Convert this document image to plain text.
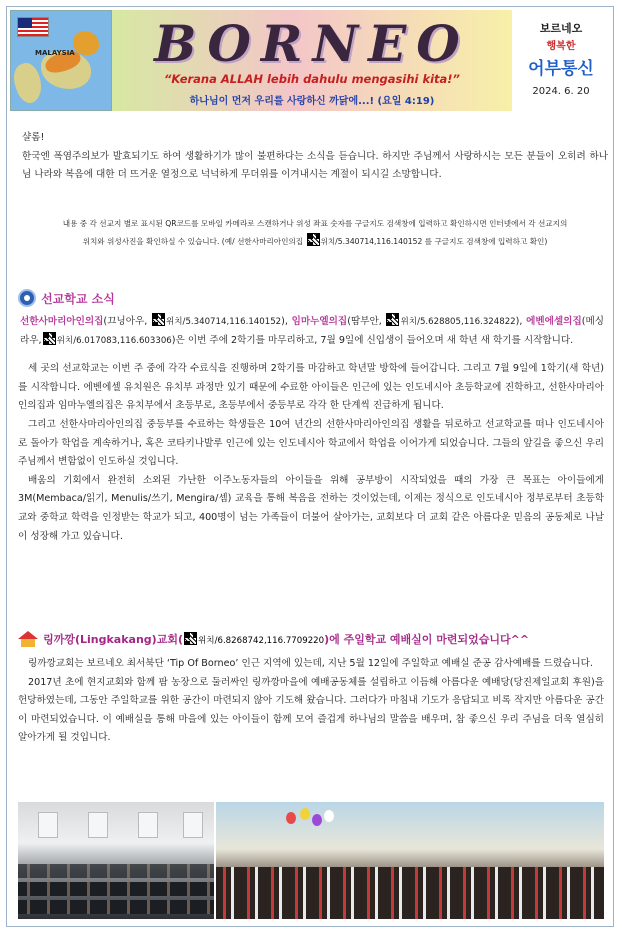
MALAYSIA	BORNEO
“Kerana ALLAH lebih dahulu mengasihi kita!”
하나님이 먼저 우리를 사랑하신 까닭에...! (요일 4:19)
보르네오
행복한
어부통신
2024. 6. 20

샬롬!

한국엔 폭염주의보가 발효되기도 하여 생활하기가 많이 불편하다는 소식을 듣습니다. 하지만 주님께서 사랑하시는 모든 분들이 오히려 하나님 나라와 복음에 대한 더 뜨거운 열정으로 넉넉하게 무더위를 이겨내시는 계절이 되시길 소망합니다.

내용 중 각 선교지 별로 표시된 QR코드를 모바일 카메라로 스캔하거나 위성 좌표 숫자를 구글지도 검색창에 입력하고 확인하시면 인터넷에서 각 선교지의
위치와 위성사진을 확인하실 수 있습니다. (예/ 선한사마리아인의집 위치/5.340714,116.140152 를 구글지도 검색창에 입력하고 확인)
선교학교 소식

선한사마리아인의집(끄닝아우, 위치/5.340714,116.140152), 임마누엘의집(땀부안, 위치/5.628805,116.324822), 에벤에셀의집(메싱라우, 위치/6.017083,116.603306)은 이번 주에 2학기를 마무리하고, 7월 9일에 신입생이 들어오며 새 학년 새 학기를 시작합니다.

세 곳의 선교학교는 이번 주 중에 각각 수료식을 진행하며 2학기를 마감하고 학년말 방학에 들어갑니다. 그리고 7월 9일에 1학기(새 학년)를 시작합니다. 에벤에셀 유치원은 유치부 과정만 있기 때문에 수료한 아이들은 인근에 있는 인도네시아 초등학교에 진학하고, 선한사마리아인의집과 임마누엘의집은 유치부에서 초등부로, 초등부에서 중등부로 각각 한 단계씩 진급하게 됩니다.

그리고 선한사마리아인의집 중등부를 수료하는 학생들은 10여 년간의 선한사마리아인의집 생활을 뒤로하고 선교학교를 떠나 인도네시아로 돌아가 학업을 계속하거나, 혹은 코타키나발루 인근에 있는 인도네시아 학교에서 학업을 이어가게 되었습니다. 그들의 앞길을 좋으신 우리 주님께서 변함없이 인도하실 것입니다.

배움의 기회에서 완전히 소외된 가난한 이주노동자들의 아이들을 위해 공부방이 시작되었을 때의 가장 큰 목표는 아이들에게 3M(Membaca/읽기, Menulis/쓰기, Mengira/셈) 교육을 통해 복음을 전하는 것이었는데, 이제는 정식으로 인도네시아 정부로부터 초등학교와 중학교 학력을 인정받는 학교가 되고, 400명이 넘는 가족들이 더불어 살아가는, 교회보다 더 교회 같은 아름다운 믿음의 공동체로 나날이 성장해 가고 있습니다.

링까깡(Lingkakang)교회( 위치/6.8268742,116.7709220)에 주일학교 예배실이 마련되었습니다^^

링까깡교회는 보르네오 최서북단 ‘Tip Of Borneo’ 인근 지역에 있는데, 지난 5월 12일에 주일학교 예배실 준공 감사예배를 드렸습니다.

2017년 초에 현지교회와 함께 팜 농장으로 둘러싸인 링까깡마을에 예배공동체를 설립하고 이듬해 아름다운 예배당(당진제일교회 후원)을 헌당하였는데, 그동안 주일학교를 위한 공간이 마련되지 않아 기도해 왔습니다. 그러다가 마침내 기도가 응답되고 비록 작지만 아름다운 공간이 마련되었습니다. 이 예배실을 통해 마을에 있는 아이들이 함께 모여 즐겁게 하나님의 말씀을 배우며, 참 좋으신 우리 주님을 더욱 열심히 알아가게 될 것입니다.
